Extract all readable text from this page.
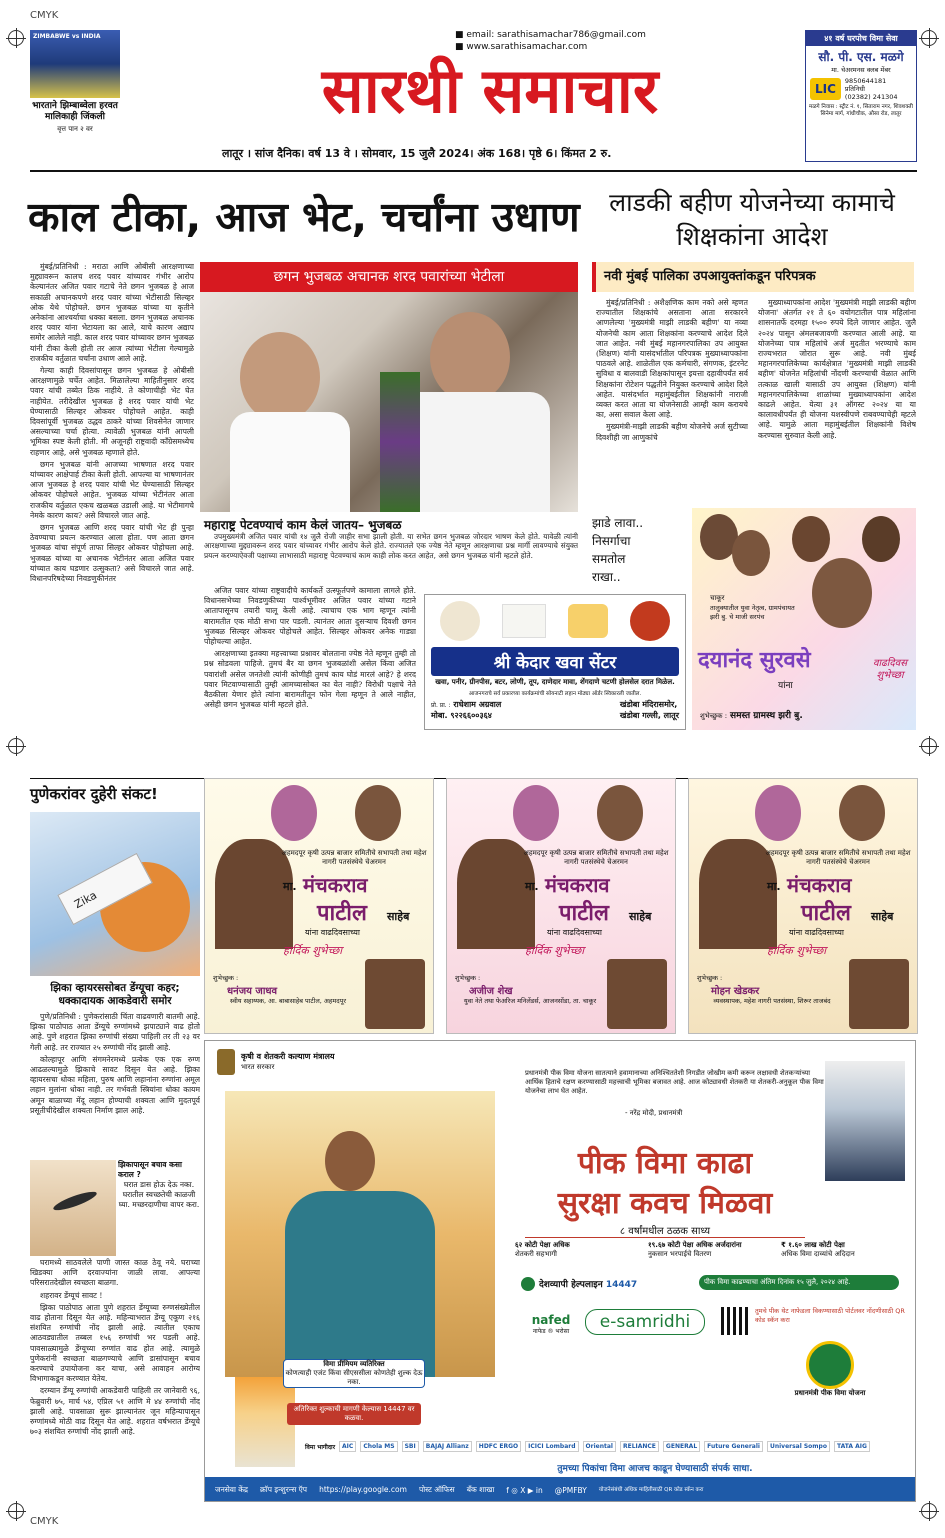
CMYK
CMYK
ZIMBABWE vs INDIA
भारताने झिम्बाब्वेला हरवत मालिकाही जिंकली
वृत्त पान २ वर
■ email: sarathisamachar786@gmail.com
■ www.sarathisamachar.com
सारथी समाचार
लातूर । सांज दैनिक। वर्ष 13 वे । सोमवार, 15 जुलै 2024। अंक 168। पृष्ठे 6। किंमत 2 रु.
४१ वर्ष घरपोच विमा सेवा
सौ. पी. एस. मळगे
मा. चेअरमनस क्लब मेंबर
LIC
9850644181
प्रतिनिधी
(02382) 241304
मळगे निवास : स्ट्रीट नं. १, सिताराम नगर, शिवशक्ती सिनेमा मार्ग, गांधीचौक, औसा रोड, लातूर
काल टीका, आज भेट, चर्चांना उधाण

मुंबई/प्रतिनिधी : मराठा आणि ओबीसी आरक्षणाच्या मुद्द्यावरून कालच शरद पवार यांच्यावर गंभीर आरोप केल्यानंतर अजित पवार गटाचे नेते छगन भुजबळ हे आज सकाळी अचानकपणे शरद पवार यांच्या भेटीसाठी सिल्व्हर ओक येथे पोहोचले. छगन भुजबळ यांच्या या कृतीने अनेकांना आश्चर्याचा धक्का बसला. छगन भुजबळ अचानक शरद पवार यांना भेटायला का आले, याचे कारण अद्याप समोर आलेले नाही. काल शरद पवार यांच्यावर छगन भुजबळ यांनी टीका केली होती तर आज त्यांच्या भेटीला गेल्यामुळे राजकीय वर्तुळात चर्चांना उधाण आले आहे.

गेल्या काही दिवसांपासून छगन भुजबळ हे ओबीसी आरक्षणामुळे चर्चेत आहेत. मिळालेल्या माहितीनुसार शरद पवार यांची तब्येत ठिक नाहीये. ते कोणाचीही भेट घेत नाहीयेत. तरीदेखील भुजबळ हे शरद पवार यांची भेट घेण्यासाठी सिल्व्हर ओकवर पोहोचले आहेत. काही दिवसांपूर्वी भुजबळ उद्धव ठाकरे यांच्या शिवसेनेत जाणार असल्याच्या चर्चा होत्या. त्यावेळी भुजबळ यांनी आपली भूमिका स्पष्ट केली होती. मी अजूनही राष्ट्रवादी काँग्रेसमध्येच राहणार आहे, असे भुजबळ म्हणाले होते.

छगन भुजबळ यांनी आजच्या भाषणात शरद पवार यांच्यावर आक्षेपार्ह टीका केली होती. आपल्या या भाषणानंतर आज भुजबळ हे शरद पवार यांची भेट घेण्यासाठी सिल्व्हर ओकवर पोहोचले आहेत. भुजबळ यांच्या भेटीनंतर आता राजकीय वर्तुळात एकच खळबळ उडाली आहे. या भेटीमागचे नेमके कारण काय? असे विचारले जात आहे.

छगन भुजबळ आणि शरद पवार यांची भेट ही पुन्हा ठेवण्याचा प्रयत्न करण्यात आला होता. पण आता छगन भुजबळ यांचा संपूर्ण ताफा सिल्हर ओकवर पोहोचला आहे. भुजबळ यांच्या या अचानक भेटीनंतर आता अजित पवार यांच्यात काय घडणार उत्सुकता? असे विचारले जात आहे. विधानपरिषदेच्या निवडणुकीनंतर

छगन भुजबळ अचानक शरद पवारांच्या भेटीला
महाराष्ट्र पेटवण्याचं काम केलं जातय– भुजबळ
उपमुख्यमंत्री अजित पवार यांची १४ जुलै रोजी जाहीर सभा झाली होती. या सभेत छगन भुजबळ जोरदार भाषण केले होते. यावेळी त्यांनी आरक्षणाच्या मुद्द्यावरून शरद पवार यांच्यावर गंभीर आरोप केले होते. राज्यातले एक ज्येष्ठ नेते म्हणून आरक्षणाचा प्रश्न मार्गी लावण्याचे संयुक्त प्रयत्न करण्याऐवजी पक्षाच्या लाभासाठी महाराष्ट्र पेटवण्याचं काम काही लोक करत आहेत, असे छगन भुजबळ यांनी म्हटले होते.

अजित पवार यांच्या राष्ट्रवादीचे कार्यकर्ते उत्स्फूर्तपणे कामाला लागले होते. विधानसभेच्या निवडणुकीच्या पार्श्वभूमीवर अजित पवार यांच्या गटाने आतापासूनच तयारी चालू केली आहे. त्याचाच एक भाग म्हणून त्यांनी बारामतीत एक मोठी सभा पार पडली. त्यानंतर आता दुसऱ्याच दिवशी छगन भुजबळ सिल्व्हर ओकवर पोहोचले आहेत. सिल्व्हर ओकवर अनेक गाड्या पोहोचल्या आहेत.

आरक्षणाच्या इतक्या महत्त्वाच्या प्रश्नावर बोलताना ज्येष्ठ नेते म्हणून तुम्ही तो प्रश्न सोडवला पाहिजे. तुमचं बैर या छगन भुजबळांशी असेल किंवा अजित पवारांशी असेल जनतेशी त्यांनी कोणीही तुमचं काय घोडं मारलं आहे? हे शरद पवार मिटवाण्यासाठी तुम्ही आमच्यासोबत का येत नाही? विरोधी पक्षाचे नेते बैठकीला येणार होते त्यांना बारामतीतून फोन गेला म्हणून ते आले नाहीत, असेही छगन भुजबळ यांनी म्हटले होते.

लाडकी बहीण योजनेच्या कामाचे शिक्षकांना आदेश
नवी मुंबई पालिका उपआयुक्तांकडून परिपत्रक

मुंबई/प्रतिनिधी : अशैक्षणिक काम नको असे म्हणत राज्यातील शिक्षकांचे असताना आता सरकारने आणलेल्या 'मुख्यमंत्री माझी लाडकी बहीण' या नव्या योजनेची काम आता शिक्षकांना करण्याचे आदेश दिले जात आहेत. नवी मुंबई महानगरपालिका उप आयुक्त (शिक्षण) यांनी यासंदर्भातील परिपत्रक मुख्याध्यापकांना पाठवले आहे. शाळेतील एक कर्मचारी, संगणक, इंटरनेट सुविधा व बालवाडी शिक्षकांपासून इयत्ता दहावीपर्यंत सर्व शिक्षकांना रोटेशन पद्धतीने नियुक्त करण्याचे आदेश दिले आहेत. यासंदर्भात महामुंबईतील शिक्षकांनी नाराजी व्यक्त करत आता या योजनेसाठी आम्ही काम करायचे का, असा सवाल केला आहे.

मुख्यमंत्री-माझी लाडकी बहीण योजनेचे अर्ज सुटीच्या दिवशीही जा आणुकांचे

मुख्याध्यापकांना आदेश 'मुख्यमंत्री माझी लाडकी बहीण योजना' अंतर्गत २१ ते ६० वयोगटातील पात्र महिलांना शासनातर्फे दरमहा १५०० रुपये दिले जाणार आहेत. जुलै २०२४ पासून अंमलबजावणी करण्यात आली आहे. या योजनेच्या पात्र महिलांचे अर्ज मुदतीत भरण्याचे काम राज्यभरात जोरात सुरू आहे. नवी मुंबई महानगरपालिकेच्या कार्यक्षेत्रात 'मुख्यमंत्री माझी लाडकी बहीण' योजनेत महिलांची नोंदणी करण्याची वेळात आणि तत्काळ खाली यासाठी उप आयुक्त (शिक्षण) यांनी महानगरपालिकेच्या शाळांच्या मुख्याध्यापकांना आदेश काढले आहेत. येत्या ३१ ऑगस्ट २०२४ या या कालावधीपर्यंत ही योजना यशस्वीपणे राबवण्याचेही म्हटले आहे. यामुळे आता महामुंबईतील शिक्षकांनी विशेष करण्यास सुरुवात केली आहे.

झाडे लावा..
निसर्गाचा
समतोल
राखा..
श्री केदार खवा सेंटर
खवा, पनीर, ग्रीनपीस, बटर, लोणी, तूप, दाणेदार मावा, शेंगदाणे चटणी होलसेल दरात मिळेल.
आजनगराचे सर्व प्रकारच्या कार्यक्रमांची सोयनाटी लहान मोठ्या ऑर्डर स्विकारली जातील.
प्रो. प्रा. : राधेशाम अग्रवाल
मोबा. ९२२६६००३६४
खंडोबा मंदिरासमोर,
खंडोबा गल्ली, लातूर
चाकूर
तालुक्यातील युवा नेतृत्व, ग्रामपंचायत झरी बु. चे माजी सरपंच
दयानंद सुरवसे
यांना
वाढदिवस शुभेच्छा
शुभेच्छुक : समस्त ग्रामस्थ झरी बु.
पुणेकरांवर दुहेरी संकट!
Zika
झिका व्हायरससोबत डेंग्यूचा कहर; धक्कादायक आकडेवारी समोर

पुणे/प्रतिनिधी : पुणेकरांसाठी चिंता वाढवणारी बातमी आहे. झिका पाठोपाठ आता डेंग्यूचे रुग्णांमध्ये झपाट्याने वाढ होतो आहे. पुणे शहरात झिका रुग्णांची संख्या पाहिली तर ती २३ वर गेली आहे. तर राज्यात २५ रुग्णांची नोंद झाली आहे.

कोल्हापूर आणि संगमनेरमध्ये प्रत्येक एक एक रुग्ण आढळल्यामुळे झिकाचे सावट दिसून येत आहे. झिका व्हायरसचा धोका महिला, पुरुष आणि लहानांना रुग्णांना अमूल लहान मुलांना धोका नाही. तर गर्भवती स्त्रियांना धोका कायम अमून बाळाच्या मेंदू लहान होण्याची शक्यता आणि मुदतपूर्व प्रसूतीचीदेखील शक्यता निर्माण झाल आहे.

झिकापासून बचाव कसा कराल ?
घरात डास होऊ देऊ नका. घरातील स्वच्छतेची काळजी घ्या. मच्छरदाणीचा वापर करा.

घरामध्ये साठवलेले पाणी जास्त काळ ठेवू नये. घराच्या खिडक्या आणि दरवाज्यांना जाळी लावा. आपल्या परिसरातदेखील स्वच्छता बाळगा.

शहरावर डेंग्यूचं सावट !

झिका पाठोपाठ आता पुणे शहरात डेंग्यूच्या रुग्णसंख्येतील वाढ होताना दिसून येत आहे. महिन्याभरात डेंग्यू एकूण २१६ संशयित रुग्णांची नोंद झाली आहे. त्यातील एकाच आठवड्यातील तब्बल १५६ रुग्णांची भर पडली आहे. पावसाळ्यामुळे डेंग्यूच्या रुग्णांत वाढ होत आहे. त्यामुळे पुणेकरांनी स्वच्छता बाळगण्याचे आणि डासांपासून बचाव करण्याचे उपायोजना कर याचा, असे आवाहन आरोग्य विभागाकडून करण्यात येतेय.

दरम्यान डेंग्यू रुग्णांची आकडेवारी पाहिली तर जानेवारी ९६, फेब्रुवारी ७५, मार्च ५४, एप्रिल ५१ आणि मे ४४ रुग्णांची नोंद झाली आहे. पावसाळा सुरू झाल्यानंतर जून महिन्यापासून रुग्णांमध्ये मोठी वाढ दिसून येत आहे. शहरात वर्षभरात डेंग्यूचे ७०३ संशयित रुग्णांची नोंद झाली आहे.

अहमदपूर कृषी उत्पन्न बाजार समितीचे सभापती तथा महेश नागरी पतसंस्थेचे चेअरमन
मा. मंचकराव
पाटील साहेब
यांना वाढदिवसाच्या
हार्दिक शुभेच्छा
शुभेच्छुक :
धनंजय जाधव
स्वीय सहाय्यक, आ. बाबासाहेब पाटील, अहमदपूर
अहमदपूर कृषी उत्पन्न बाजार समितीचे सभापती तथा महेश नागरी पतसंस्थेचे चेअरमन
मा. मंचकराव
पाटील साहेब
यांना वाढदिवसाच्या
हार्दिक शुभेच्छा
शुभेच्छुक :
अजीज शेख
युवा नेते तथा फेअरिज मनिलेंडर्स, आजनसोंडा, ता. चाकूर
अहमदपूर कृषी उत्पन्न बाजार समितीचे सभापती तथा महेश नागरी पतसंस्थेचे चेअरमन
मा. मंचकराव
पाटील साहेब
यांना वाढदिवसाच्या
हार्दिक शुभेच्छा
शुभेच्छुक :
मोहन खेडकर
व्यवस्थापक, महेश नागरी पतसंस्था, शिरूर ताजबंद
कृषी व शेतकरी कल्याण मंत्रालय
भारत सरकार
प्रधानमंत्री पीक विमा योजना सातत्याने हवामानाच्या अनिश्चिततेशी निगडीत जोखीम कमी करून लक्षावधी शेतकऱ्यांच्या आर्थिक हिताचे रक्षण करण्यासाठी महत्त्वाची भूमिका बजावत आहे. आज कोट्यावधी शेतकरी या शेतकरी-अनुकूल पीक विमा योजनेचा लाभ घेत आहेत.
- नरेंद्र मोदी, प्रधानमंत्री
पीक विमा काढा
सुरक्षा कवच मिळवा
८ वर्षांमधील ठळक साध्य
६२ कोटी पेक्षा अधिक
शेतकरी सहभागी
१९.६७ कोटी पेक्षा अधिक अर्जदारांना
नुकसान भरपाईचे वितरण
₹ १.६० लाख कोटी पेक्षा
अधिक विमा दाव्यांचे अदिदान
देशव्यापी हेल्पलाइन 14447	पीक विमा काढण्याचा अंतिम दिनांक १५ जुलै, २०२४ आहे.
nafed
नाफेड ® भरोसा	e-samridhi
तुमचे पीक थेट नाफेडला विकण्यासाठी पोर्टलवर नोंदणीसाठी QR कोड स्कॅन करा
विमा प्रीमियम व्यतिरिक्त
कोणत्याही एजंट किंवा सीएससीला कोणतेही शुल्क देऊ नका.
अतिरिक्त शुल्काची मागणी केल्यास 14447 वर कळवा.
प्रधानमंत्री पीक विमा योजना
विमा भागीदार	AIC	Chola MS	SBI	BAJAJ Allianz	HDFC ERGO	ICICI Lombard	Oriental	RELIANCE	GENERAL	Future Generali	Universal Sompo	TATA AIG
तुमच्या पिकांचा विमा आजच काढून घेण्यासाठी संपर्क साधा.
जनसेवा केंद्र क्रॉप इन्शुरन्स ऍप https://play.google.com पोस्ट ऑफिस बँक शाखा f ◎ X ▶ in @PMFBY योजनेसंबंधी अधिक माहितीसाठी QR कोड स्कॅन करा
